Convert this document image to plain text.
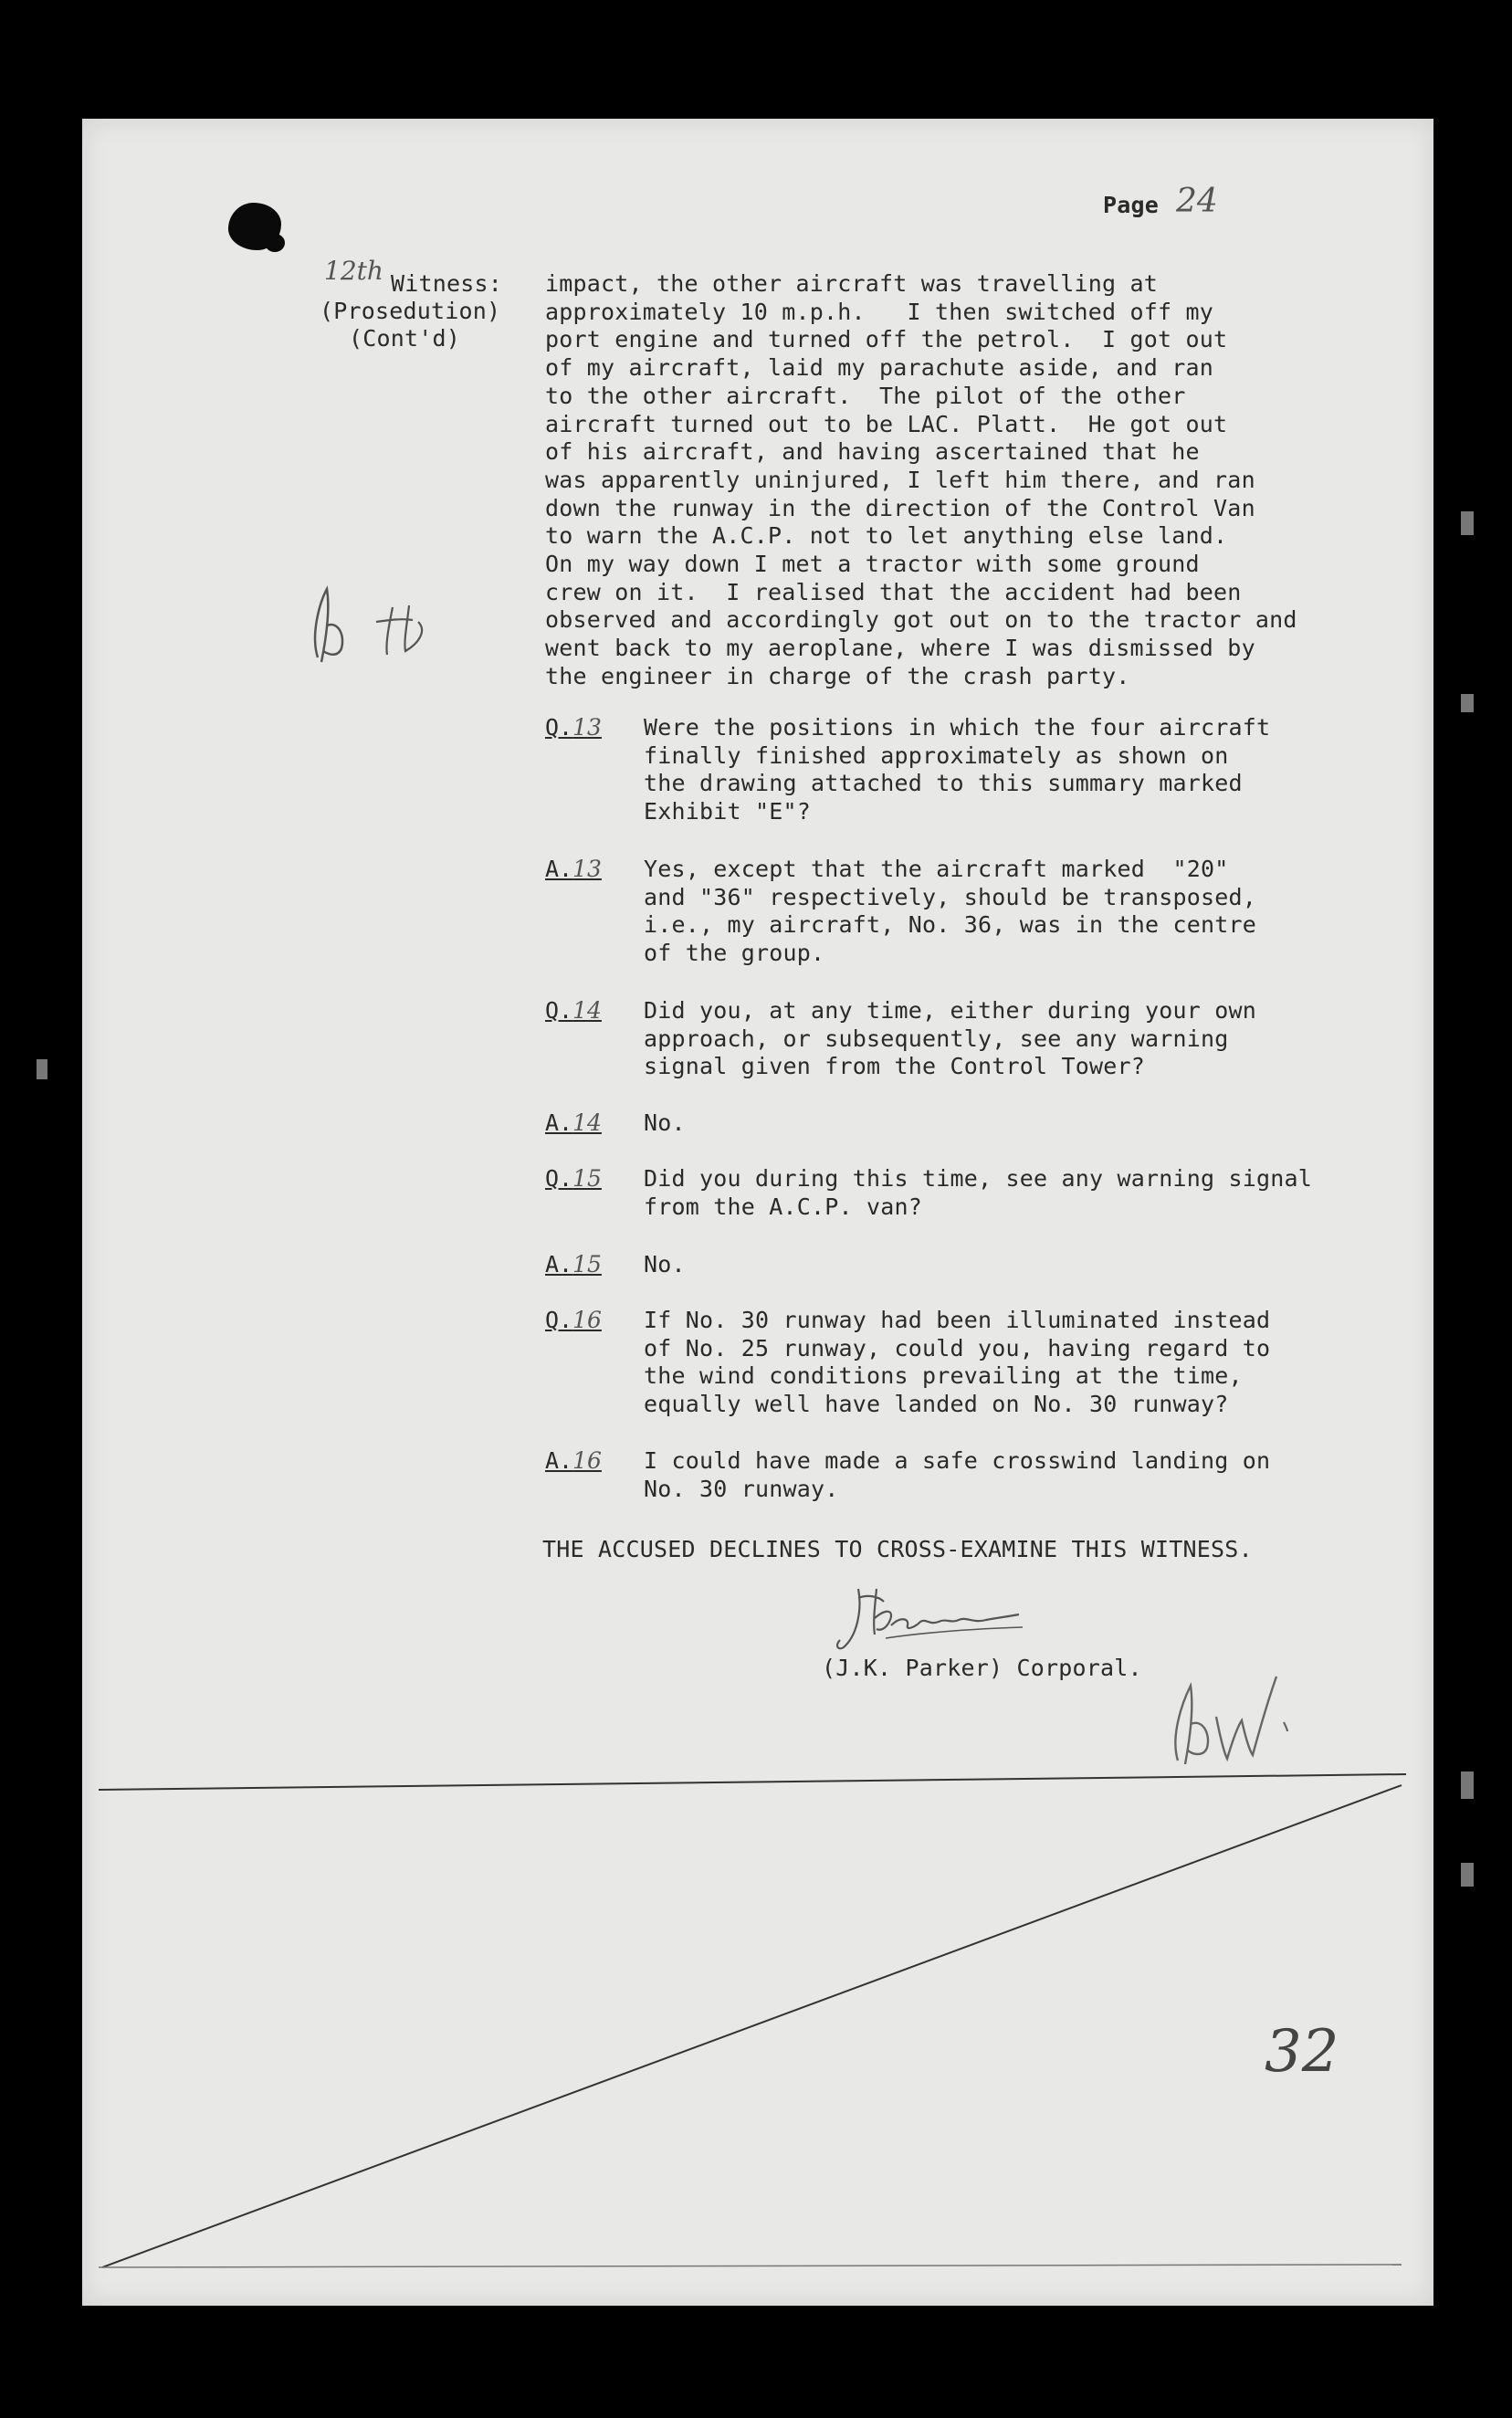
Page 24
12th Witness:
(Prosedution)
(Cont'd)
impact, the other aircraft was travelling at
approximately 10 m.p.h.   I then switched off my
port engine and turned off the petrol.  I got out
of my aircraft, laid my parachute aside, and ran
to the other aircraft.  The pilot of the other
aircraft turned out to be LAC. Platt.  He got out
of his aircraft, and having ascertained that he
was apparently uninjured, I left him there, and ran
down the runway in the direction of the Control Van
to warn the A.C.P. not to let anything else land.
On my way down I met a tractor with some ground
crew on it.  I realised that the accident had been
observed and accordingly got out on to the tractor and
went back to my aeroplane, where I was dismissed by
the engineer in charge of the crash party.
Q.13 Were the positions in which the four aircraft
finally finished approximately as shown on
the drawing attached to this summary marked
Exhibit "E"?
A.13 Yes, except that the aircraft marked  "20"
and "36" respectively, should be transposed,
i.e., my aircraft, No. 36, was in the centre
of the group.
Q.14 Did you, at any time, either during your own
approach, or subsequently, see any warning
signal given from the Control Tower?
A.14 No.
Q.15 Did you during this time, see any warning signal
from the A.C.P. van?
A.15 No.
Q.16 If No. 30 runway had been illuminated instead
of No. 25 runway, could you, having regard to
the wind conditions prevailing at the time,
equally well have landed on No. 30 runway?
A.16 I could have made a safe crosswind landing on
No. 30 runway.
THE ACCUSED DECLINES TO CROSS-EXAMINE THIS WITNESS.
(J.K. Parker) Corporal.
32
